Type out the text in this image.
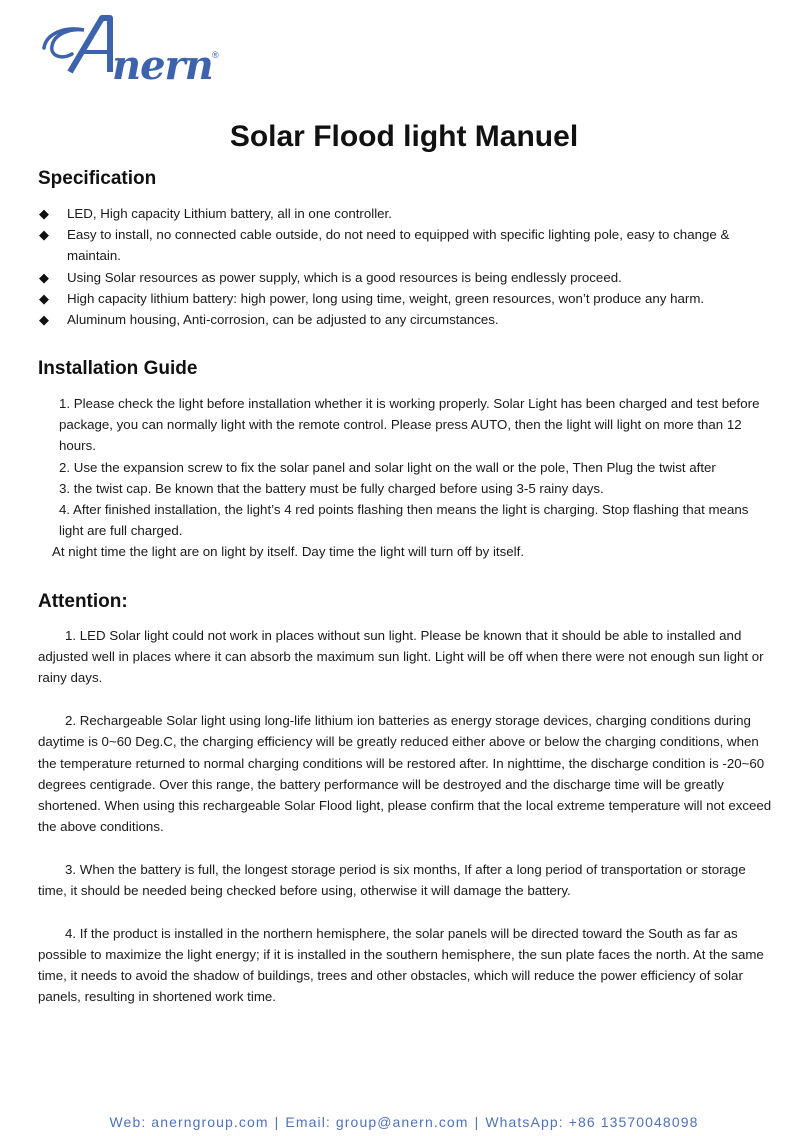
nern ®
Solar Flood light Manuel
Specification
◆ LED, High capacity Lithium battery, all in one controller.
◆ Easy to install, no connected cable outside, do not need to equipped with specific lighting pole, easy to change & maintain.
◆ Using Solar resources as power supply, which is a good resources is being endlessly proceed.
◆ High capacity lithium battery: high power, long using time, weight, green resources, won’t produce any harm.
◆ Aluminum housing, Anti-corrosion, can be adjusted to any circumstances.
Installation Guide

1. Please check the light before installation whether it is working properly. Solar Light has been charged and test before package, you can normally light with the remote control. Please press AUTO, then the light will light on more than 12 hours.

2. Use the expansion screw to fix the solar panel and solar light on the wall or the pole, Then Plug the twist after

3. the twist cap. Be known that the battery must be fully charged before using 3-5 rainy days.

4. After finished installation, the light’s 4 red points flashing then means the light is charging. Stop flashing that means light are full charged.

At night time the light are on light by itself. Day time the light will turn off by itself.

Attention:

1. LED Solar light could not work in places without sun light. Please be known that it should be able to installed and adjusted well in places where it can absorb the maximum sun light. Light will be off when there were not enough sun light or rainy days.

2. Rechargeable Solar light using long-life lithium ion batteries as energy storage devices, charging conditions during daytime is 0~60 Deg.C, the charging efficiency will be greatly reduced either above or below the charging conditions, when the temperature returned to normal charging conditions will be restored after. In nighttime, the discharge condition is -20~60 degrees centigrade. Over this range, the battery performance will be destroyed and the discharge time will be greatly shortened. When using this rechargeable Solar Flood light, please confirm that the local extreme temperature will not exceed the above conditions.

3. When the battery is full, the longest storage period is six months, If after a long period of transportation or storage time, it should be needed being checked before using, otherwise it will damage the battery.

4. If the product is installed in the northern hemisphere, the solar panels will be directed toward the South as far as possible to maximize the light energy; if it is installed in the southern hemisphere, the sun plate faces the north. At the same time, it needs to avoid the shadow of buildings, trees and other obstacles, which will reduce the power efficiency of solar panels, resulting in shortened work time.

Web: anerngroup.com | Email: group@anern.com | WhatsApp: +86 13570048098
